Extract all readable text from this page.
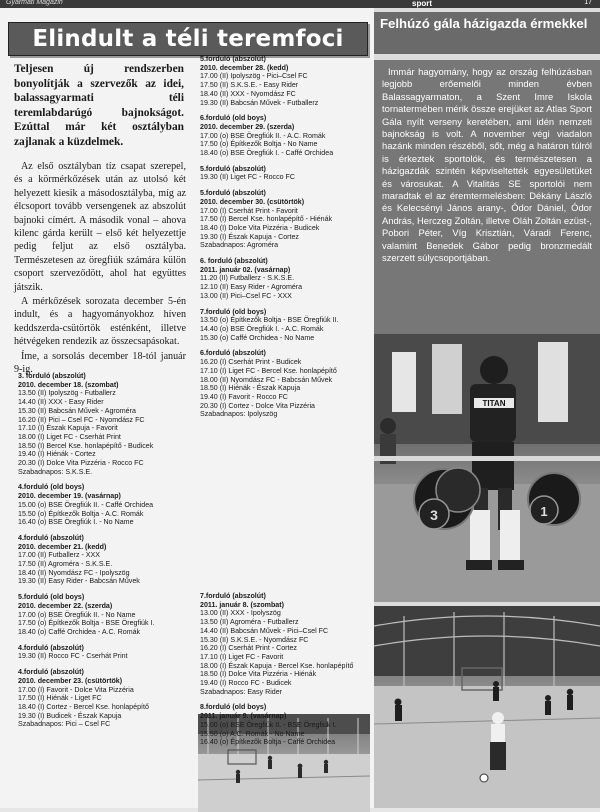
Gyarmati Magazin	sport	17
Elindult a téli teremfoci
Teljesen új rendszerben bonyolítják a szervezők az idei, balassagyarmati téli teremlabdarúgó bajnokságot. Ezúttal már két osztályban zajlanak a küzdelmek.

Az első osztályban tíz csapat szerepel, és a körmérkőzések után az utolsó két helyezett kiesik a másodosztályba, míg az élcsoport tovább versengenek az abszolút bajnoki címért. A második vonal – ahova kilenc gárda került – első két helyezettje pedig feljut az első osztályba. Természetesen az öregfiúk számára külön csoport szerveződött, ahol hat együttes játszik.

A mérkőzések sorozata december 5-én indult, és a hagyományokhoz híven keddszerda-csütörtök esténként, illetve hétvégeken rendezik az összecsapásokat.

Íme, a sorsolás december 18-tól január 9-ig.

3. forduló (abszolút)
2010. december 18. (szombat)
13.50 (II) Ipolyszög - Futballerz
14.40 (II) XXX - Easy Rider
15.30 (II) Babcsán Művek - Agroméra
16.20 (II) Pici – Csel FC - Nyomdász FC
17.10 (I) Észak Kapuja - Favorit
18.00 (I) Liget FC - Cserhát Print
18.50 (I) Bercel Kse. honlapépítő - Budicek
19.40 (I) Hiénák - Cortez
20.30 (I) Dolce Vita Pizzéria - Rocco FC
Szabadnapos: S.K.S.E.
4.forduló (old boys)
2010. december 19. (vasárnap)
15.00 (o) BSE Öregfiúk II. - Caffé Orchidea
15.50 (o) Építkezők Boltja - A.C. Romák
16.40 (o) BSE Öregfiúk I. - No Name
4.forduló (abszolút)
2010. december 21. (kedd)
17.00 (II) Futballerz - XXX
17.50 (II) Agroméra - S.K.S.E.
18.40 (II) Nyomdász FC - Ipolyszög
19.30 (II) Easy Rider - Babcsán Művek
5.forduló (old boys)
2010. december 22. (szerda)
17.00 (o) BSE Öregfiúk II. - No Name
17.50 (o) Építkezők Boltja - BSE Öregfiúk I.
18.40 (o) Caffé Orchidea - A.C. Romák
4.forduló (abszolút)
19.30 (II) Rocco FC - Cserhát Print
4.forduló (abszolút)
2010. december 23. (csütörtök)
17.00 (I) Favorit - Dolce Vita Pizzéria
17.50 (I) Hiénák - Liget FC
18.40 (I) Cortez - Bercel Kse. honlapépítő
19.30 (I) Budicek - Észak Kapuja
Szabadnapos: Pici – Csel FC
5.forduló (abszolút)
2010. december 28. (kedd)
17.00 (II) Ipolyszög - Pici–Csel FC
17.50 (II) S.K.S.E. - Easy Rider
18.40 (II) XXX - Nyomdász FC
19.30 (II) Babcsán Művek - Futballerz
6.forduló (old boys)
2010. december 29. (szerda)
17.00 (o) BSE Öregfiúk II. - A.C. Romák
17.50 (o) Építkezők Boltja - No Name
18.40 (o) BSE Öregfiúk I. - Caffé Orchidea
5.forduló (abszolút)
19.30 (II) Liget FC - Rocco FC
5.forduló (abszolút)
2010. december 30. (csütörtök)
17.00 (I) Cserhát Print - Favorit
17.50 (I) Bercel Kse. honlapépítő - Hiénák
18.40 (I) Dolce Vita Pizzéria - Budicek
19.30 (I) Észak Kapuja - Cortez
Szabadnapos: Agroméra
6. forduló (abszolút)
2011. január 02. (vasárnap)
11.20 (II) Futballerz - S.K.S.E.
12.10 (II) Easy Rider - Agroméra
13.00 (II) Pici–Csel FC - XXX
7.forduló (old boys)
13.50 (o) Építkezők Boltja - BSE Öregfiúk II.
14.40 (o) BSE Öregfiúk I. - A.C. Romák
15.30 (o) Caffé Orchidea - No Name
6.forduló (abszolút)
16.20 (I) Cserhát Print - Budicek
17.10 (I) Liget FC - Bercel Kse. honlapépítő
18.00 (II) Nyomdász FC - Babcsán Művek
18.50 (I) Hiénák - Észak Kapuja
19.40 (I) Favorit - Rocco FC
20.30 (I) Cortez - Dolce Vita Pizzéria
Szabadnapos: Ipolyszög
7.forduló (abszolút)
2011. január 8. (szombat)
13.00 (II) XXX - Ipolyszög
13.50 (II) Agroméra - Futballerz
14.40 (II) Babcsán Művek - Pici–Csel FC
15.30 (II) S.K.S.E. - Nyomdász FC
16.20 (I) Cserhát Print - Cortez
17.10 (I) Liget FC - Favorit
18.00 (I) Észak Kapuja - Bercel Kse. honlapépítő
18.50 (I) Dolce Vita Pizzéria - Hiénák
19.40 (I) Rocco FC - Budicek
Szabadnapos: Easy Rider
8.forduló (old boys)
2011. január 9. (vasárnap)
15.00 (o) BSE Öregfiúk II. - BSE Öregfiúk I.
15.50 (o) A.C. Romák - No Name
16.40 (o) Építkezők Boltja - Caffé Orchidea
Felhúzó gála házigazda érmekkel

Immár hagyomány, hogy az ország felhúzásban legjobb erőemelői minden évben Balassagyarmaton, a Szent Imre Iskola tornatermében mérik össze erejüket az Atlas Sport Gála nyílt verseny keretében, ami idén nemzeti bajnokság is volt. A november végi viadalon hazánk minden részéből, sőt, még a határon túlról is érkeztek sportolók, és természetesen a házigazdák szintén képviseltették egyesületüket és városukat. A Vitalitás SE sportolói nem maradtak el az éremtermelésben: Dékány László és Kelecsényi János arany-, Ódor Dániel, Ódor András, Herczeg Zoltán, illetve Oláh Zoltán ezüst-, Pobori Péter, Víg Krisztián, Váradi Ferenc, valamint Benedek Gábor pedig bronzmedált szerzett súlycsoportjában.

TITAN
3	1
